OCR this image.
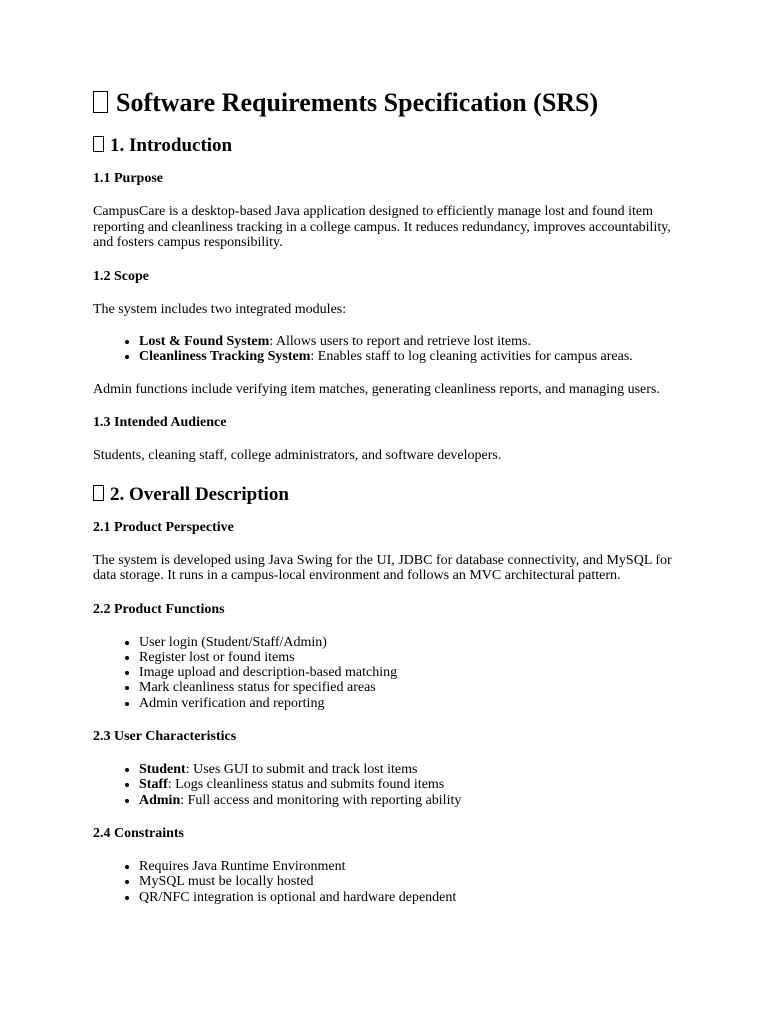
Software Requirements Specification (SRS)
1. Introduction
1.1 Purpose

CampusCare is a desktop-based Java application designed to efficiently manage lost and found item reporting and cleanliness tracking in a college campus. It reduces redundancy, improves accountability, and fosters campus responsibility.

1.2 Scope

The system includes two integrated modules:

• Lost & Found System: Allows users to report and retrieve lost items.
• Cleanliness Tracking System: Enables staff to log cleaning activities for campus areas.

Admin functions include verifying item matches, generating cleanliness reports, and managing users.

1.3 Intended Audience

Students, cleaning staff, college administrators, and software developers.

2. Overall Description
2.1 Product Perspective

The system is developed using Java Swing for the UI, JDBC for database connectivity, and MySQL for data storage. It runs in a campus-local environment and follows an MVC architectural pattern.

2.2 Product Functions
• User login (Student/Staff/Admin)
• Register lost or found items
• Image upload and description-based matching
• Mark cleanliness status for specified areas
• Admin verification and reporting
2.3 User Characteristics
• Student: Uses GUI to submit and track lost items
• Staff: Logs cleanliness status and submits found items
• Admin: Full access and monitoring with reporting ability
2.4 Constraints
• Requires Java Runtime Environment
• MySQL must be locally hosted
• QR/NFC integration is optional and hardware dependent
